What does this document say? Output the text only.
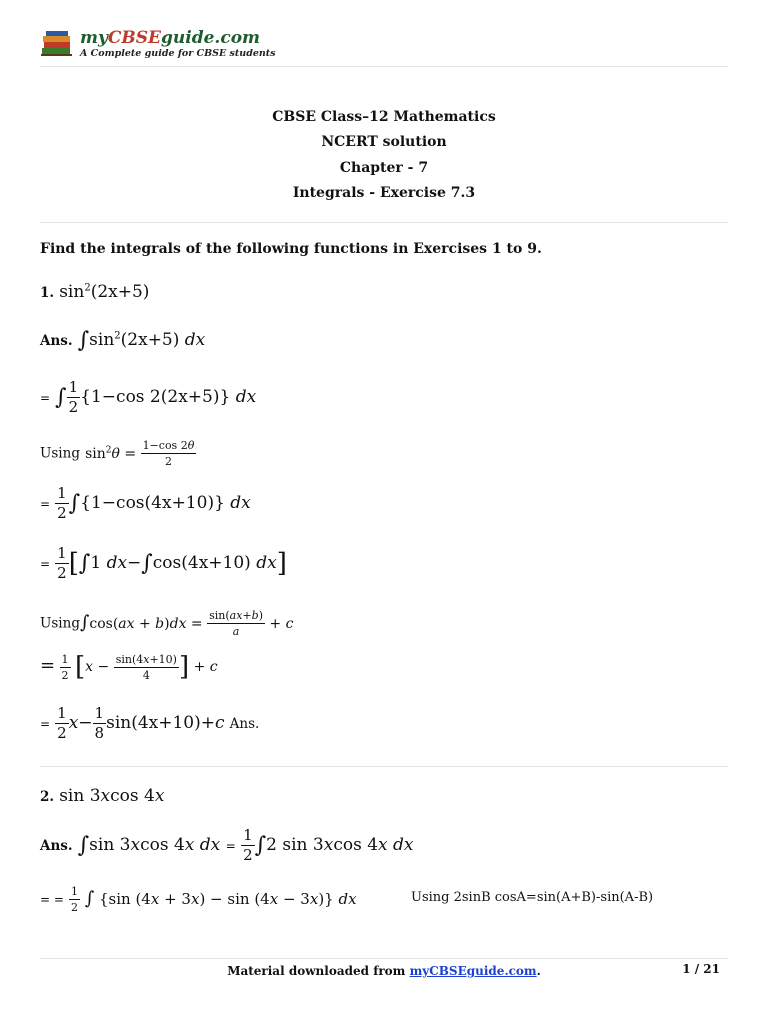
myCBSEguide.com
A Complete guide for CBSE students
CBSE Class–12 Mathematics
NCERT solution
Chapter - 7
Integrals - Exercise 7.3
Find the integrals of the following functions in Exercises 1 to 9.
1. $\sin^2(2x+5)$
Ans. $\int\sin^2(2x+5)$ dx
= ∫ $\frac{1}{2} \{1-\cos$ 2(2x+5)} dx
Using $\sin^2\theta = \frac{1-\cos 2\theta}{2}$
= $\frac{1}{2} \int\{1-\cos(4x+10)\}$ dx
= $\frac{1}{2} [\int 1$ dx−∫cos(4x+10) dx]
$Using\int\cos(ax + b)dx = \frac{\sin(ax+b)}{a} + c$
= $\frac{1}{2} [x - \frac{\sin(4x+10)}{4}$ ] + c
= $\frac{1}{2} x- \frac{1}{8} \sin(4x+10)+c$ Ans.
2. sin 3xcos 4x
Ans. ∫sin 3xcos 4x dx = $\frac{1}{2} \int 2$ sin 3xcos 4x dx
= = $\frac{1}{2}$ ∫ {sin (4x + 3x) − sin (4x − 3x)} dx	Using 2sinB cosA=sin(A+B)-sin(A-B)
Material downloaded from myCBSEguide.com.	1 / 21
